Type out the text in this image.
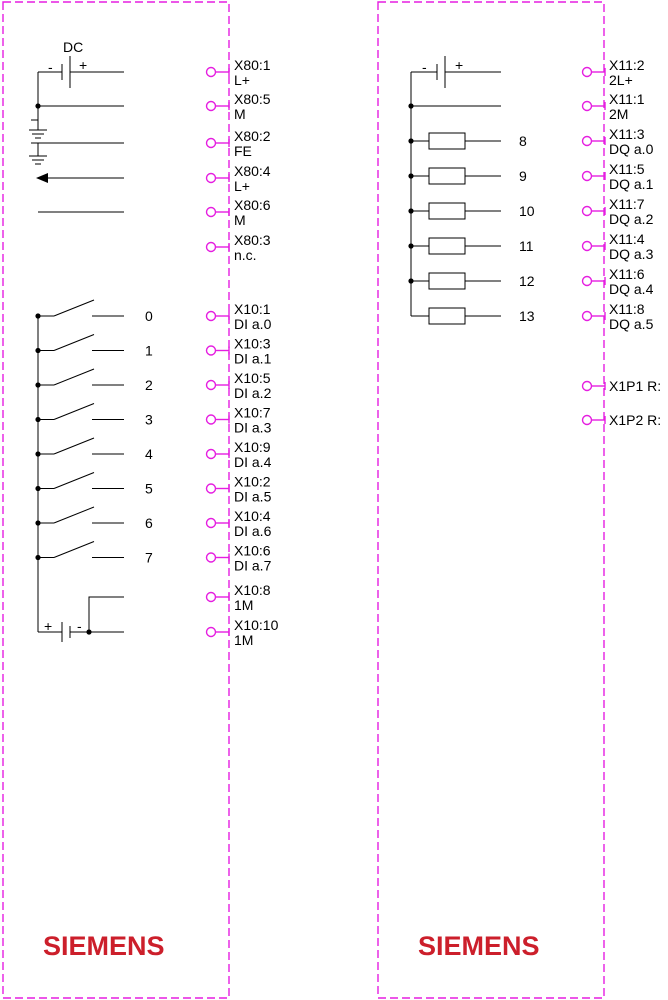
SIEMENS	SIEMENS
DC
- +	X80:1
L+
X80:5
M
X80:2
FE
X80:4
L+
X80:6
M
X80:3
n.c.
0	X10:1
DI a.0
1	X10:3
DI a.1
2	X10:5
DI a.2
3	X10:7
DI a.3
4	X10:9
DI a.4
5	X10:2
DI a.5
6	X10:4
DI a.6
7	X10:6
DI a.7
+ -
X10:8
1M
X10:10
1M
- +	X11:2
2L+
X11:1
2M
8	X11:3
DQ a.0
9	X11:5
DQ a.1
10	X11:7
DQ a.2
11	X11:4
DQ a.3
12	X11:6
DQ a.4
13	X11:8
DQ a.5
X1P1 R:
X1P2 R:
